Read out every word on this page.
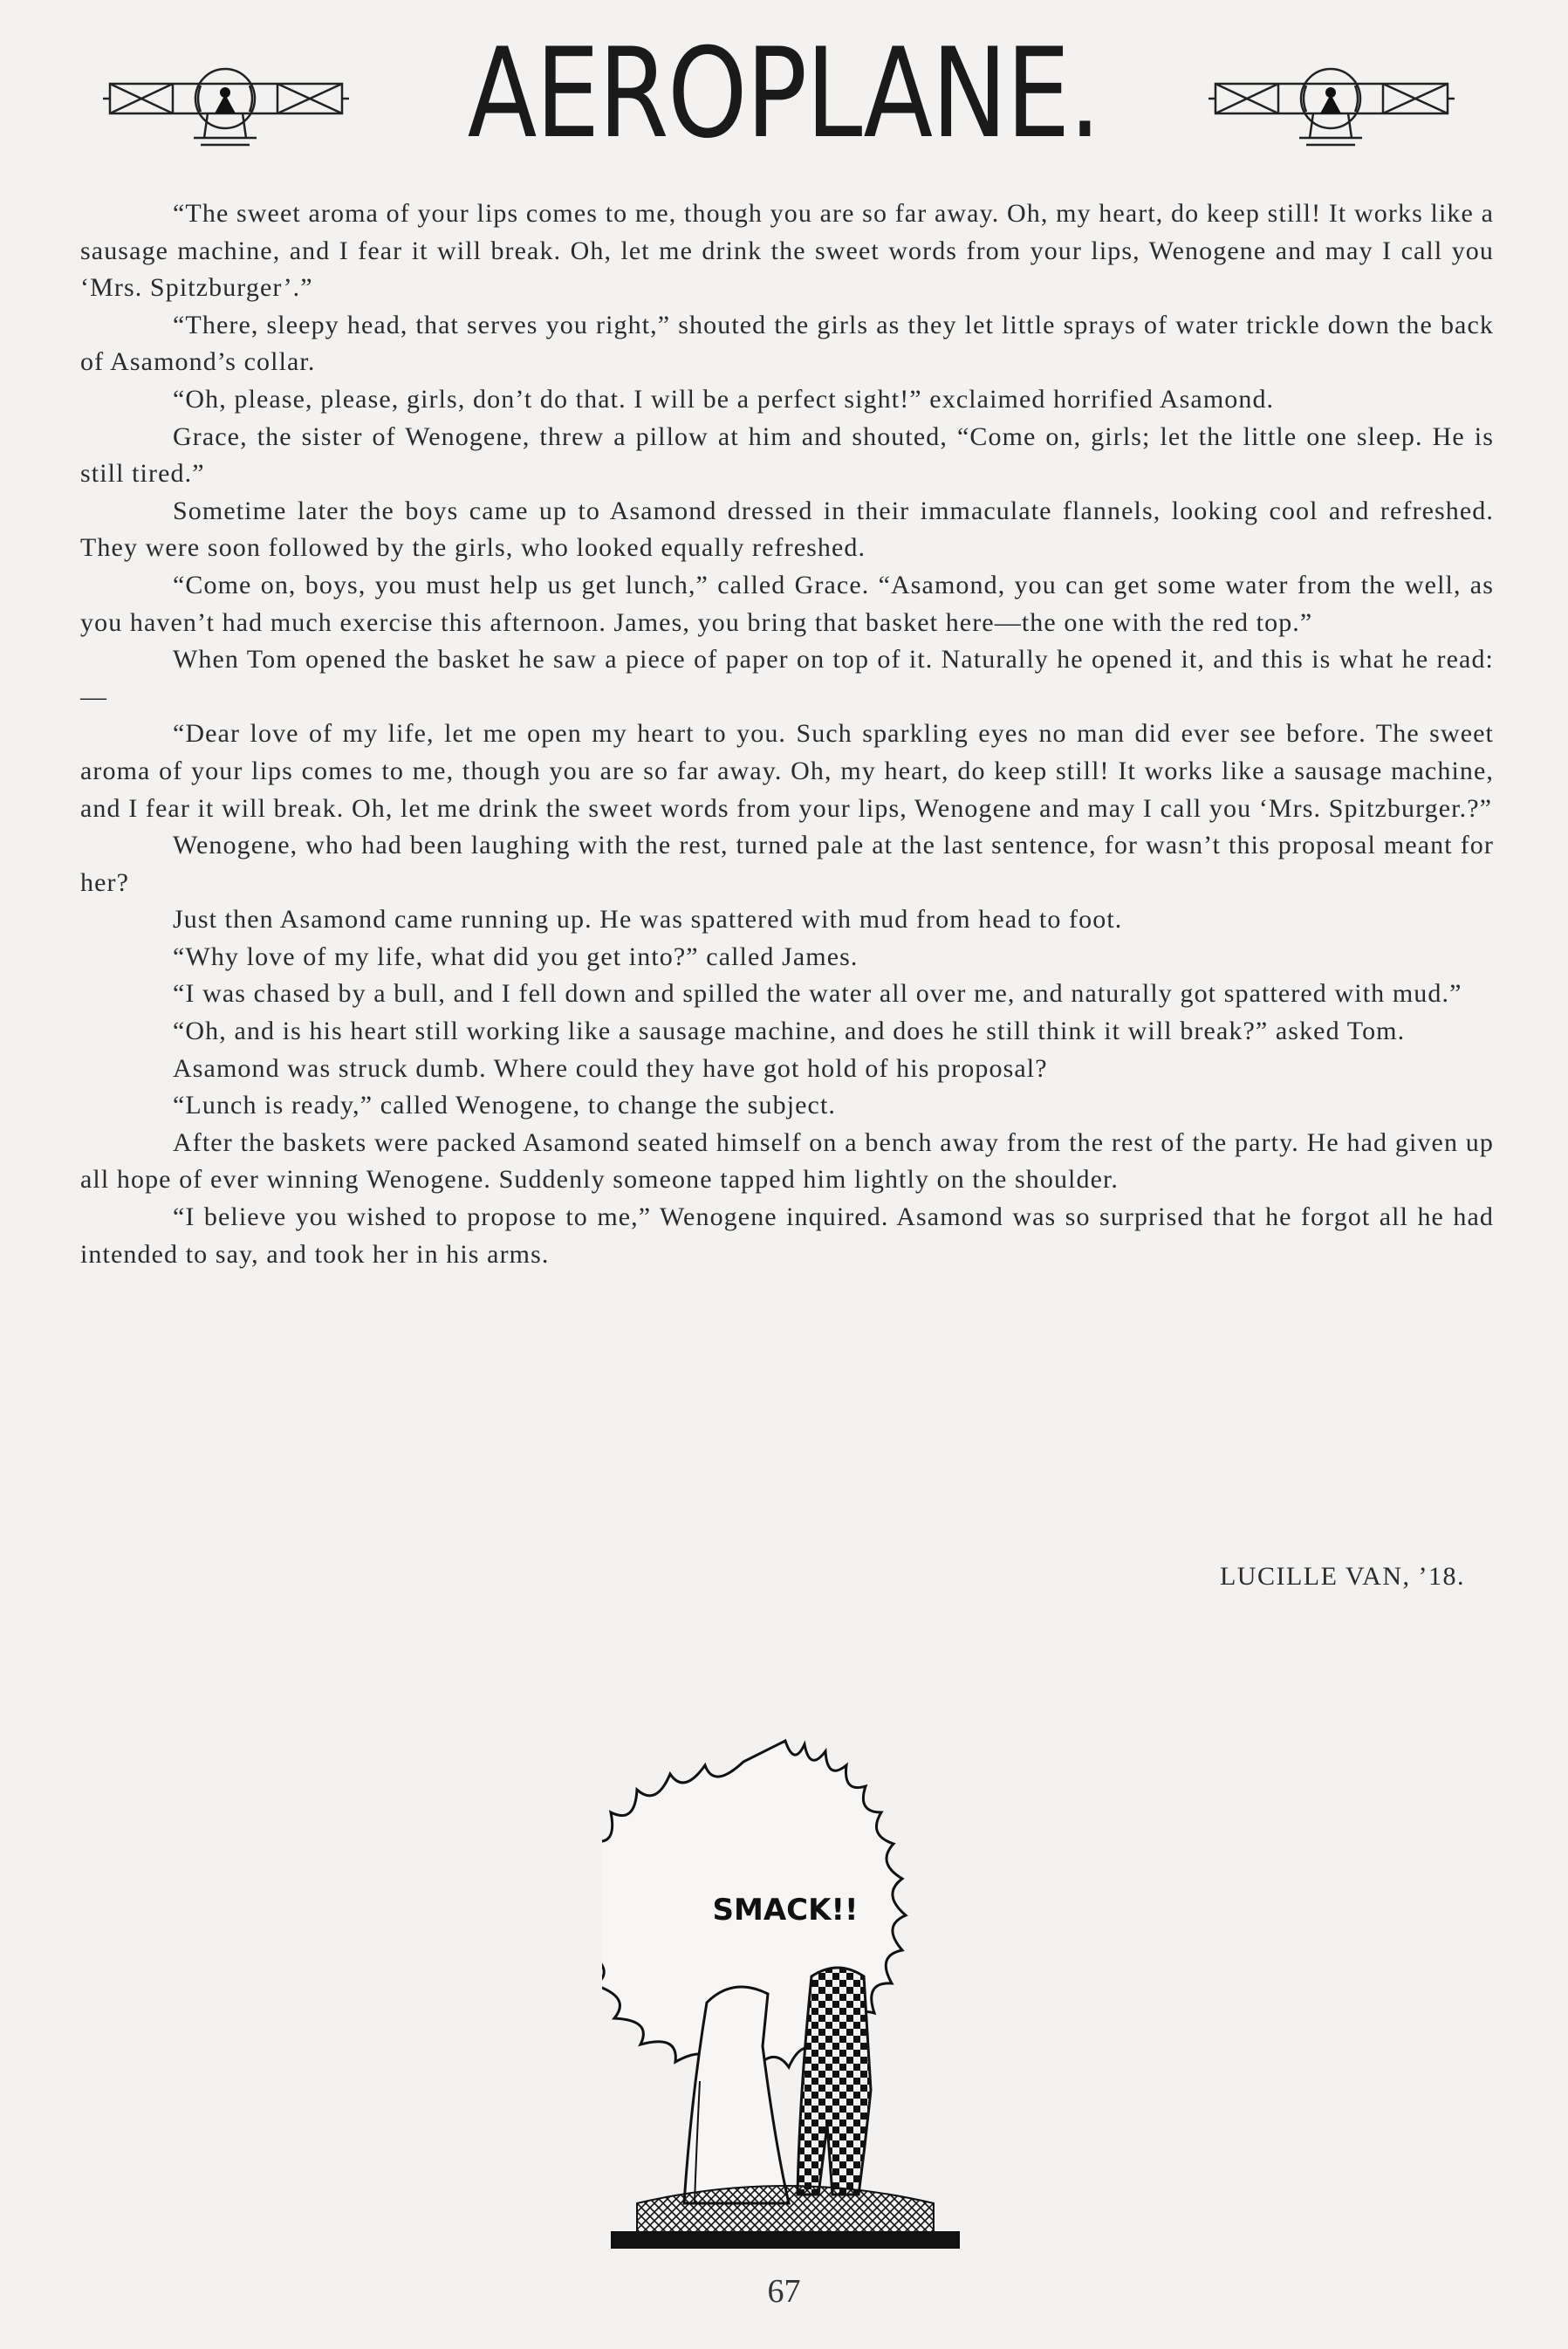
AEROPLANE.

“The sweet aroma of your lips comes to me, though you are so far away. Oh, my heart, do keep still! It works like a sausage machine, and I fear it will break. Oh, let me drink the sweet words from your lips, Wenogene and may I call you ‘Mrs. Spitzburger’.”

“There, sleepy head, that serves you right,” shouted the girls as they let little sprays of water trickle down the back of Asamond’s collar.

“Oh, please, please, girls, don’t do that. I will be a perfect sight!” exclaimed horrified Asamond.

Grace, the sister of Wenogene, threw a pillow at him and shouted, “Come on, girls; let the little one sleep. He is still tired.”

Sometime later the boys came up to Asamond dressed in their immaculate flannels, looking cool and refreshed. They were soon followed by the girls, who looked equally refreshed.

“Come on, boys, you must help us get lunch,” called Grace. “Asamond, you can get some water from the well, as you haven’t had much exercise this afternoon. James, you bring that basket here—the one with the red top.”

When Tom opened the basket he saw a piece of paper on top of it. Naturally he opened it, and this is what he read:—

“Dear love of my life, let me open my heart to you. Such sparkling eyes no man did ever see before. The sweet aroma of your lips comes to me, though you are so far away. Oh, my heart, do keep still! It works like a sausage machine, and I fear it will break. Oh, let me drink the sweet words from your lips, Wenogene and may I call you ‘Mrs. Spitzburger.?”

Wenogene, who had been laughing with the rest, turned pale at the last sentence, for wasn’t this proposal meant for her?

Just then Asamond came running up. He was spattered with mud from head to foot.

“Why love of my life, what did you get into?” called James.

“I was chased by a bull, and I fell down and spilled the water all over me, and naturally got spattered with mud.”

“Oh, and is his heart still working like a sausage machine, and does he still think it will break?” asked Tom.

Asamond was struck dumb. Where could they have got hold of his proposal?

“Lunch is ready,” called Wenogene, to change the subject.

After the baskets were packed Asamond seated himself on a bench away from the rest of the party. He had given up all hope of ever winning Wenogene. Suddenly someone tapped him lightly on the shoulder.

“I believe you wished to propose to me,” Wenogene inquired. Asamond was so surprised that he forgot all he had intended to say, and took her in his arms.

LUCILLE VAN, ’18.
SMACK!!
67
